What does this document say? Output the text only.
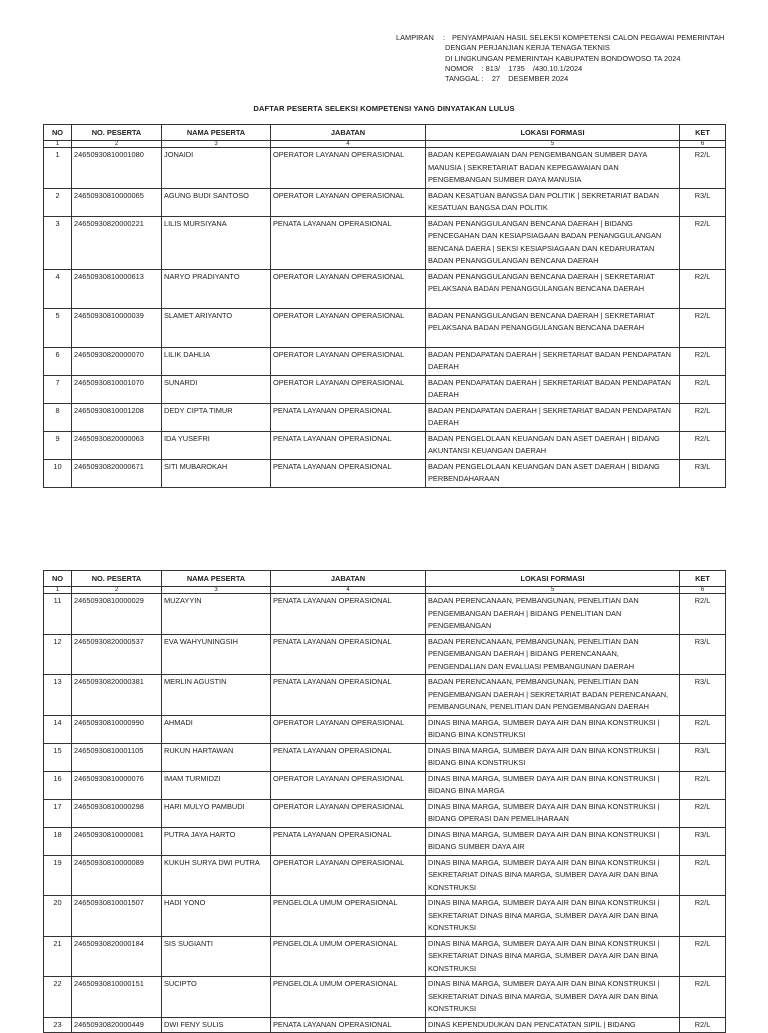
LAMPIRAN	: PENYAMPAIAN HASIL SELEKSI KOMPETENSI CALON PEGAWAI PEMERINTAH
DENGAN PERJANJIAN KERJA TENAGA TEKNIS
DI LINGKUNGAN PEMERINTAH KABUPATEN BONDOWOSO TA 2024
NOMOR    : 813/    1735    /430.10.1/2024
TANGGAL :    27    DESEMBER 2024
DAFTAR PESERTA SELEKSI KOMPETENSI YANG DINYATAKAN LULUS
NO	NO. PESERTA	NAMA PESERTA	JABATAN	LOKASI FORMASI	KET
1	2	3	4	5	6
1	24650930810001080	JONAIDI	OPERATOR LAYANAN OPERASIONAL	BADAN KEPEGAWAIAN DAN PENGEMBANGAN SUMBER DAYA MANUSIA | SEKRETARIAT BADAN KEPEGAWAIAN DAN PENGEMBANGAN SUMBER DAYA MANUSIA	R2/L
2	24650930810000065	AGUNG BUDI SANTOSO	OPERATOR LAYANAN OPERASIONAL	BADAN KESATUAN BANGSA DAN POLITIK | SEKRETARIAT BADAN KESATUAN BANGSA DAN POLITIK	R3/L
3	24650930820000221	LILIS MURSIYANA	PENATA LAYANAN OPERASIONAL	BADAN PENANGGULANGAN BENCANA DAERAH | BIDANG PENCEGAHAN DAN KESIAPSIAGAAN BADAN PENANGGULANGAN BENCANA DAERA | SEKSI KESIAPSIAGAAN DAN KEDARURATAN BADAN PENANGGULANGAN BENCANA DAERAH	R2/L
4	24650930810000613	NARYO PRADIYANTO	OPERATOR LAYANAN OPERASIONAL	BADAN PENANGGULANGAN BENCANA DAERAH | SEKRETARIAT PELAKSANA BADAN PENANGGULANGAN BENCANA DAERAH	R2/L
5	24650930810000039	SLAMET ARIYANTO	OPERATOR LAYANAN OPERASIONAL	BADAN PENANGGULANGAN BENCANA DAERAH | SEKRETARIAT PELAKSANA BADAN PENANGGULANGAN BENCANA DAERAH	R2/L
6	24650930820000070	LILIK DAHLIA	OPERATOR LAYANAN OPERASIONAL	BADAN PENDAPATAN DAERAH | SEKRETARIAT BADAN PENDAPATAN DAERAH	R2/L
7	24650930810001070	SUNARDI	OPERATOR LAYANAN OPERASIONAL	BADAN PENDAPATAN DAERAH | SEKRETARIAT BADAN PENDAPATAN DAERAH	R2/L
8	24650930810001208	DEDY CIPTA TIMUR	PENATA LAYANAN OPERASIONAL	BADAN PENDAPATAN DAERAH | SEKRETARIAT BADAN PENDAPATAN DAERAH	R2/L
9	24650930820000063	IDA YUSEFRI	PENATA LAYANAN OPERASIONAL	BADAN PENGELOLAAN KEUANGAN DAN ASET DAERAH | BIDANG AKUNTANSI KEUANGAN DAERAH	R2/L
10	24650930820000671	SITI MUBAROKAH	PENATA LAYANAN OPERASIONAL	BADAN PENGELOLAAN KEUANGAN DAN ASET DAERAH | BIDANG PERBENDAHARAAN	R3/L
NO	NO. PESERTA	NAMA PESERTA	JABATAN	LOKASI FORMASI	KET
1	2	3	4	5	6
11	24650930810000029	MUZAYYIN	PENATA LAYANAN OPERASIONAL	BADAN PERENCANAAN, PEMBANGUNAN, PENELITIAN DAN PENGEMBANGAN DAERAH | BIDANG PENELITIAN DAN PENGEMBANGAN	R2/L
12	24650930820000537	EVA WAHYUNINGSIH	PENATA LAYANAN OPERASIONAL	BADAN PERENCANAAN, PEMBANGUNAN, PENELITIAN DAN PENGEMBANGAN DAERAH | BIDANG PERENCANAAN, PENGENDALIAN DAN EVALUASI PEMBANGUNAN DAERAH	R3/L
13	24650930820000381	MERLIN AGUSTIN	PENATA LAYANAN OPERASIONAL	BADAN PERENCANAAN, PEMBANGUNAN, PENELITIAN DAN PENGEMBANGAN DAERAH | SEKRETARIAT BADAN PERENCANAAN, PEMBANGUNAN, PENELITIAN DAN PENGEMBANGAN DAERAH	R3/L
14	24650930810000990	AHMADI	OPERATOR LAYANAN OPERASIONAL	DINAS BINA MARGA, SUMBER DAYA AIR DAN BINA KONSTRUKSI | BIDANG BINA KONSTRUKSI	R2/L
15	24650930810001105	RUKUN HARTAWAN	PENATA LAYANAN OPERASIONAL	DINAS BINA MARGA, SUMBER DAYA AIR DAN BINA KONSTRUKSI | BIDANG BINA KONSTRUKSI	R3/L
16	24650930810000076	IMAM TURMIDZI	OPERATOR LAYANAN OPERASIONAL	DINAS BINA MARGA, SUMBER DAYA AIR DAN BINA KONSTRUKSI | BIDANG BINA MARGA	R2/L
17	24650930810000298	HARI MULYO PAMBUDI	OPERATOR LAYANAN OPERASIONAL	DINAS BINA MARGA, SUMBER DAYA AIR DAN BINA KONSTRUKSI | BIDANG OPERASI DAN PEMELIHARAAN	R2/L
18	24650930810000081	PUTRA JAYA HARTO	PENATA LAYANAN OPERASIONAL	DINAS BINA MARGA, SUMBER DAYA AIR DAN BINA KONSTRUKSI | BIDANG SUMBER DAYA AIR	R3/L
19	24650930810000089	KUKUH SURYA DWI PUTRA	OPERATOR LAYANAN OPERASIONAL	DINAS BINA MARGA, SUMBER DAYA AIR DAN BINA KONSTRUKSI | SEKRETARIAT DINAS BINA MARGA, SUMBER DAYA AIR DAN BINA KONSTRUKSI	R2/L
20	24650930810001507	HADI YONO	PENGELOLA UMUM OPERASIONAL	DINAS BINA MARGA, SUMBER DAYA AIR DAN BINA KONSTRUKSI | SEKRETARIAT DINAS BINA MARGA, SUMBER DAYA AIR DAN BINA KONSTRUKSI	R2/L
21	24650930820000184	SIS SUGIANTI	PENGELOLA UMUM OPERASIONAL	DINAS BINA MARGA, SUMBER DAYA AIR DAN BINA KONSTRUKSI | SEKRETARIAT DINAS BINA MARGA, SUMBER DAYA AIR DAN BINA KONSTRUKSI	R2/L
22	24650930810000151	SUCIPTO	PENGELOLA UMUM OPERASIONAL	DINAS BINA MARGA, SUMBER DAYA AIR DAN BINA KONSTRUKSI | SEKRETARIAT DINAS BINA MARGA, SUMBER DAYA AIR DAN BINA KONSTRUKSI	R2/L
23	24650930820000449	DWI FENY SULIS	PENATA LAYANAN OPERASIONAL	DINAS KEPENDUDUKAN DAN PENCATATAN SIPIL | BIDANG	R2/L
